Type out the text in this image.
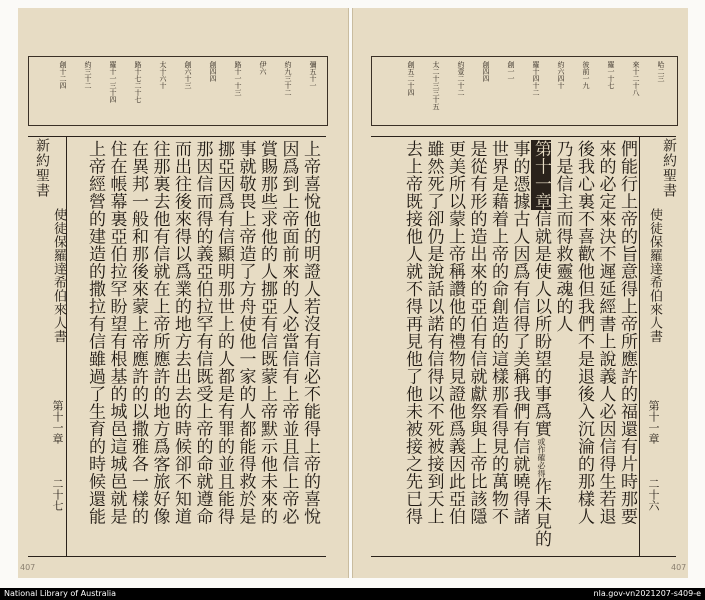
彌五十一
約九三十二
伊六
路十一十三
創四四
創六十三
太十六十
路十七二十七
羅十一三十四
約三十二
創十二四
上帝喜悅他的明證人若沒有信必不能得上帝的喜悅
因爲到上帝面前來的人必當信有上帝並且信上帝必
賞賜那些求他的人挪亞有信既蒙上帝默示他未來的
事就敬畏上帝造了方舟使他一家的人都能得救於是
挪亞因爲有信顯明那世上的人都是有罪的並且能得
那因信而得的義亞伯拉罕有信既受上帝的命就遵命
而出往後來得以爲業的地方去出去的時候卻不知道
往那裏去他有信就在上帝所應許的地方爲客旅好像
在異邦一般和那後來蒙上帝應許的以撒雅各一樣的
住在帳幕裏亞伯拉罕盼望有根基的城邑這城邑就是
上帝經營的建造的撒拉有信雖過了生育的時候還能
新約聖書
使徒保羅達希伯來人書
第十一章
二十七
407
哈二三
來十二十八
羅一十七
彼前一九
約六四十
羅十四十二
創一一
創四四
約壹二十二
太二十三三十五
創五二十四
們能行上帝的旨意得上帝所應許的福還有片時那要
來的必定來決不遲延經書上說義人必因信得生若退
後我心裏不喜歡他但我們不是退後入沉淪的那樣人
乃是信主而得救靈魂的人
第十一章信就是使人以所盼望的事爲實或作確必得作未見的
事的憑據古人因爲有信得了美稱我們有信就曉得諸
世界是藉着上帝的命創造的這樣那看得見的萬物不
是從有形的造出來的亞伯有信就獻祭與上帝比該隱
更美所以蒙上帝稱讚他的禮物見證他爲義因此亞伯
雖然死了卻仍是說話以諾有信得以不死被接到天上
去上帝既接他人就不得再見他了他未被接之先已得	新約聖書
使徒保羅達希伯來人書
第十一章
二十六
407
National Library of Australia	nla.gov-vn2021207-s409-e
